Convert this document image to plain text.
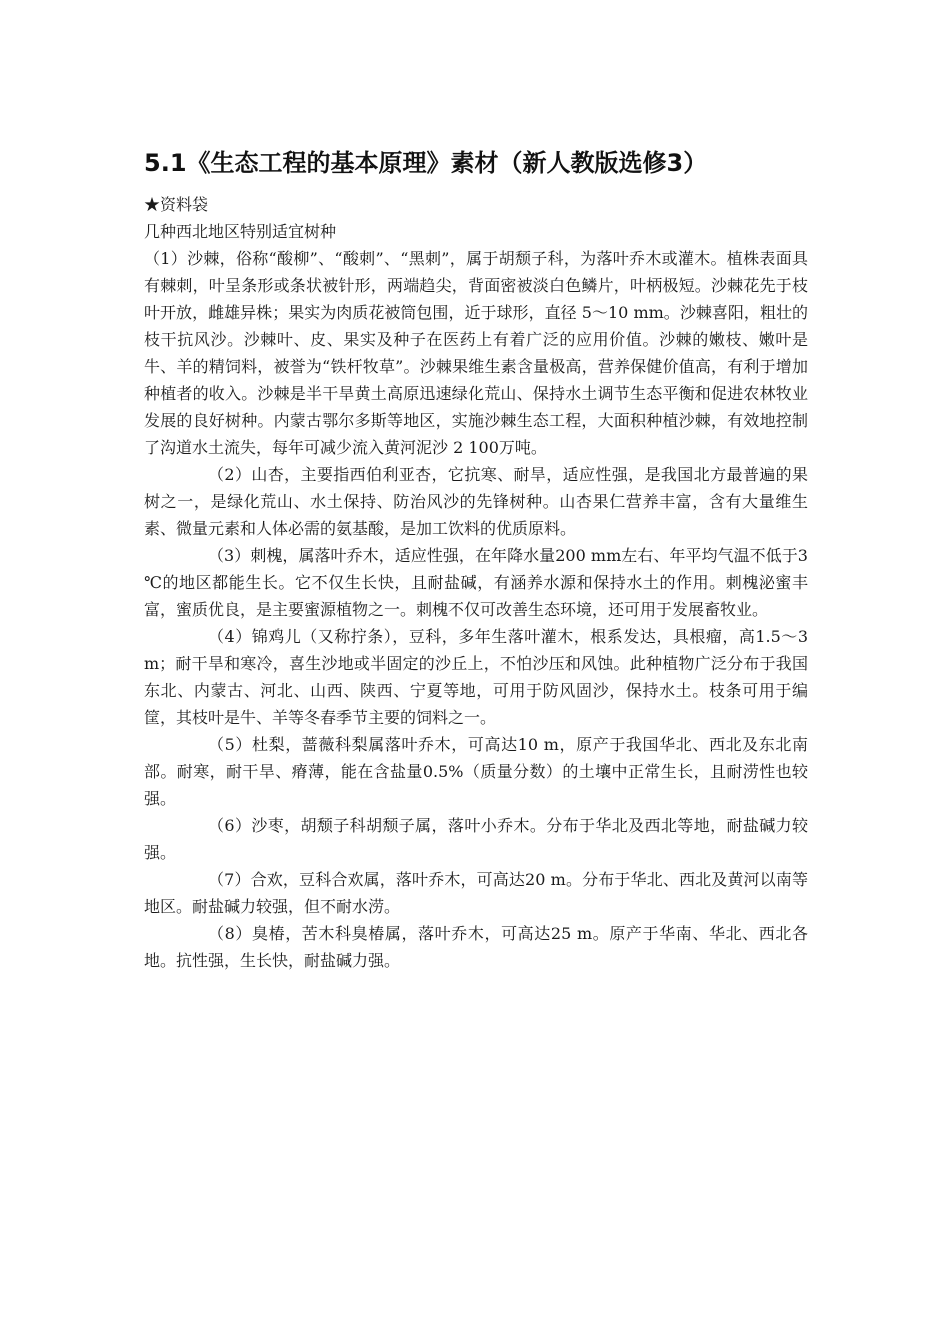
5.1《生态工程的基本原理》素材（新人教版选修3）

★资料袋

几种西北地区特别适宜树种

（1）沙棘，俗称“酸柳”、“酸刺”、“黑刺”，属于胡颓子科，为落叶乔木或灌木。植株表面具有棘刺，叶呈条形或条状被针形，两端趋尖，背面密被淡白色鳞片，叶柄极短。沙棘花先于枝叶开放，雌雄异株；果实为肉质花被筒包围，近于球形，直径 5～10 mm。沙棘喜阳，粗壮的枝干抗风沙。沙棘叶、皮、果实及种子在医药上有着广泛的应用价值。沙棘的嫩枝、嫩叶是牛、羊的精饲料，被誉为“铁杆牧草”。沙棘果维生素含量极高，营养保健价值高，有利于增加种植者的收入。沙棘是半干旱黄土高原迅速绿化荒山、保持水土调节生态平衡和促进农林牧业发展的良好树种。内蒙古鄂尔多斯等地区，实施沙棘生态工程，大面积种植沙棘，有效地控制了沟道水土流失，每年可减少流入黄河泥沙 2 100万吨。

（2）山杏，主要指西伯利亚杏，它抗寒、耐旱，适应性强，是我国北方最普遍的果树之一，是绿化荒山、水土保持、防治风沙的先锋树种。山杏果仁营养丰富，含有大量维生素、微量元素和人体必需的氨基酸，是加工饮料的优质原料。

（3）刺槐，属落叶乔木，适应性强，在年降水量200 mm左右、年平均气温不低于3 ℃的地区都能生长。它不仅生长快，且耐盐碱，有涵养水源和保持水土的作用。刺槐泌蜜丰富，蜜质优良，是主要蜜源植物之一。刺槐不仅可改善生态环境，还可用于发展畜牧业。

（4）锦鸡儿（又称拧条），豆科，多年生落叶灌木，根系发达，具根瘤，高1.5～3 m；耐干旱和寒冷，喜生沙地或半固定的沙丘上，不怕沙压和风蚀。此种植物广泛分布于我国东北、内蒙古、河北、山西、陕西、宁夏等地，可用于防风固沙，保持水土。枝条可用于编筐，其枝叶是牛、羊等冬春季节主要的饲料之一。

（5）杜梨，蔷薇科梨属落叶乔木，可高达10 m，原产于我国华北、西北及东北南部。耐寒，耐干旱、瘠薄，能在含盐量0.5%（质量分数）的土壤中正常生长，且耐涝性也较强。

（6）沙枣，胡颓子科胡颓子属，落叶小乔木。分布于华北及西北等地，耐盐碱力较强。

（7）合欢，豆科合欢属，落叶乔木，可高达20 m。分布于华北、西北及黄河以南等地区。耐盐碱力较强，但不耐水涝。

（8）臭椿，苦木科臭椿属，落叶乔木，可高达25 m。原产于华南、华北、西北各地。抗性强，生长快，耐盐碱力强。
